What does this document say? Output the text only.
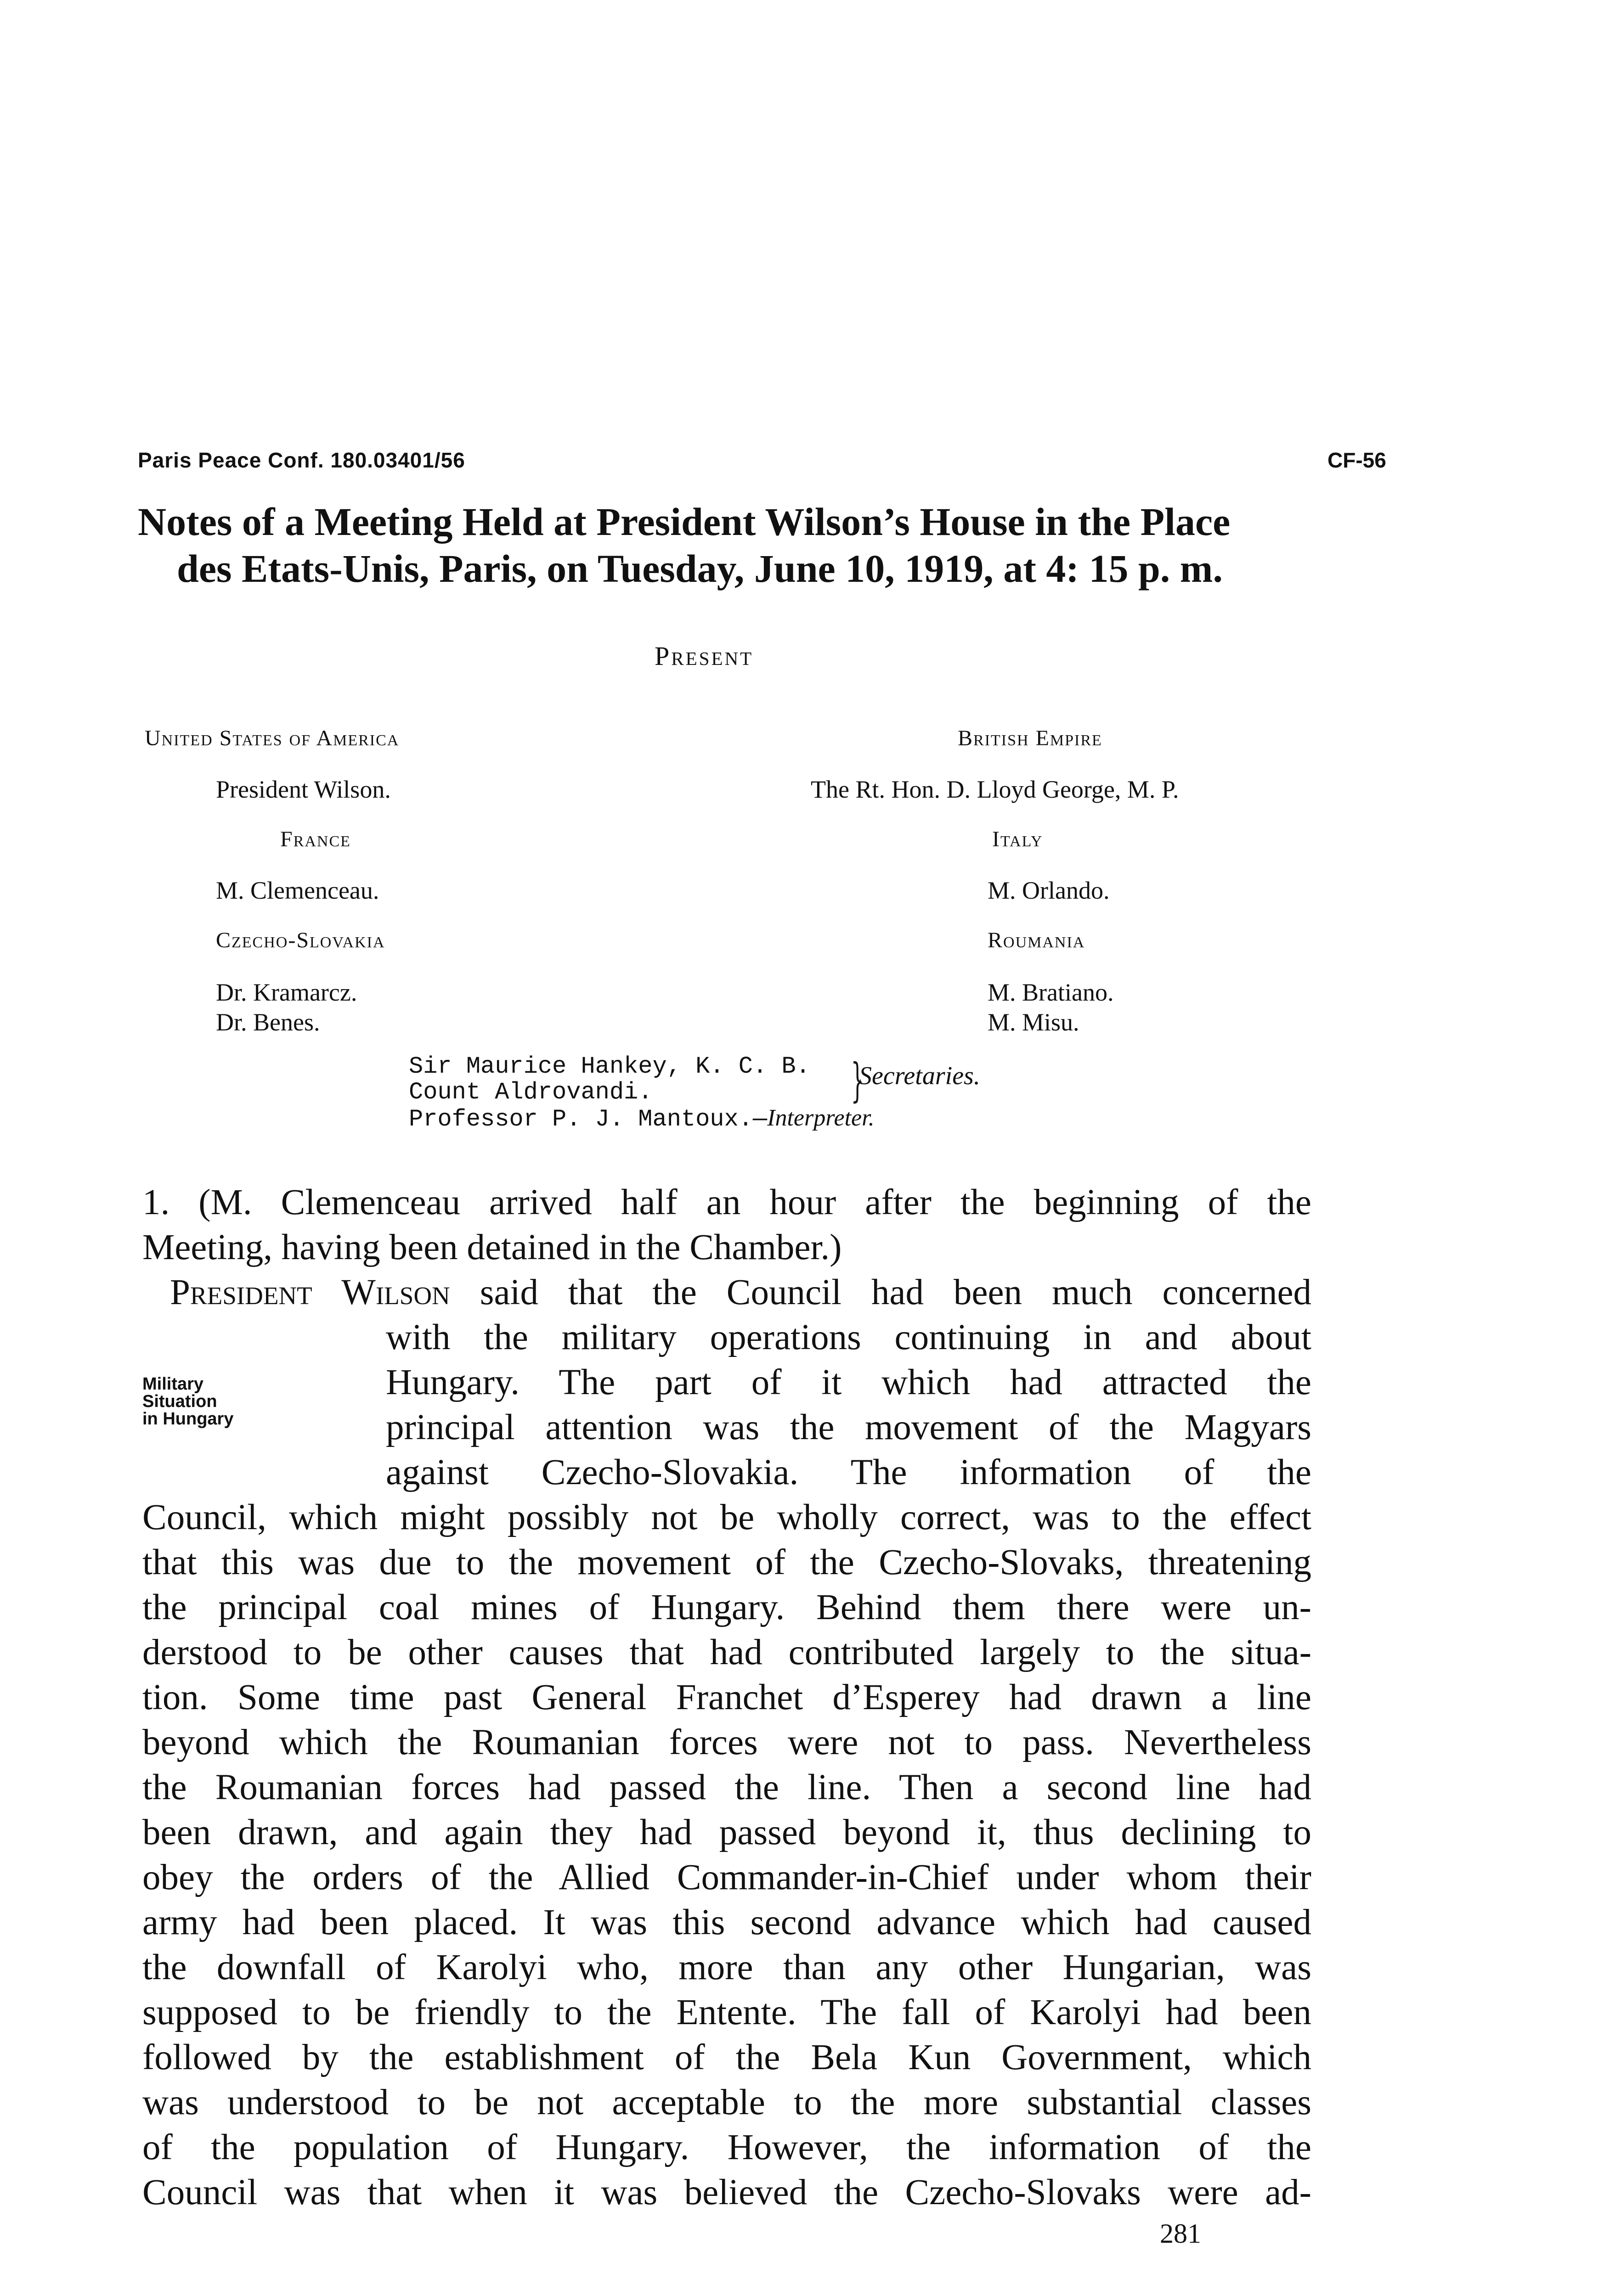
Paris Peace Conf. 180.03401/56	CF-56
Notes of a Meeting Held at President Wilson’s House in the Place
des Etats-Unis, Paris, on Tuesday, June 10, 1919, at 4: 15 p. m.
Present
United States of America
President Wilson.
France
M. Clemenceau.
Czecho-Slovakia
Dr. Kramarcz.
Dr. Benes.
British Empire
The Rt. Hon. D. Lloyd George, M. P.
Italy
M. Orlando.
Roumania
M. Bratiano.
M. Misu.
Sir Maurice Hankey, K. C. B.
Count Aldrovandi.
Professor P. J. Mantoux.—Interpreter.
}
Secretaries.
1. (M. Clemenceau arrived half an hour after the beginning of the
Meeting, having been detained in the Chamber.)
President Wilson said that the Council had been much concerned
with the military operations continuing in and about
Hungary. The part of it which had attracted the
principal attention was the movement of the Magyars
against Czecho-Slovakia. The information of the
Council, which might possibly not be wholly correct, was to the effect
that this was due to the movement of the Czecho-Slovaks, threatening
the principal coal mines of Hungary. Behind them there were un-
derstood to be other causes that had contributed largely to the situa-
tion. Some time past General Franchet d’Esperey had drawn a line
beyond which the Roumanian forces were not to pass. Nevertheless
the Roumanian forces had passed the line. Then a second line had
been drawn, and again they had passed beyond it, thus declining to
obey the orders of the Allied Commander-in-Chief under whom their
army had been placed. It was this second advance which had caused
the downfall of Karolyi who, more than any other Hungarian, was
supposed to be friendly to the Entente. The fall of Karolyi had been
followed by the establishment of the Bela Kun Government, which
was understood to be not acceptable to the more substantial classes
of the population of Hungary. However, the information of the
Council was that when it was believed the Czecho-Slovaks were ad-
Military
Situation
in Hungary
281
